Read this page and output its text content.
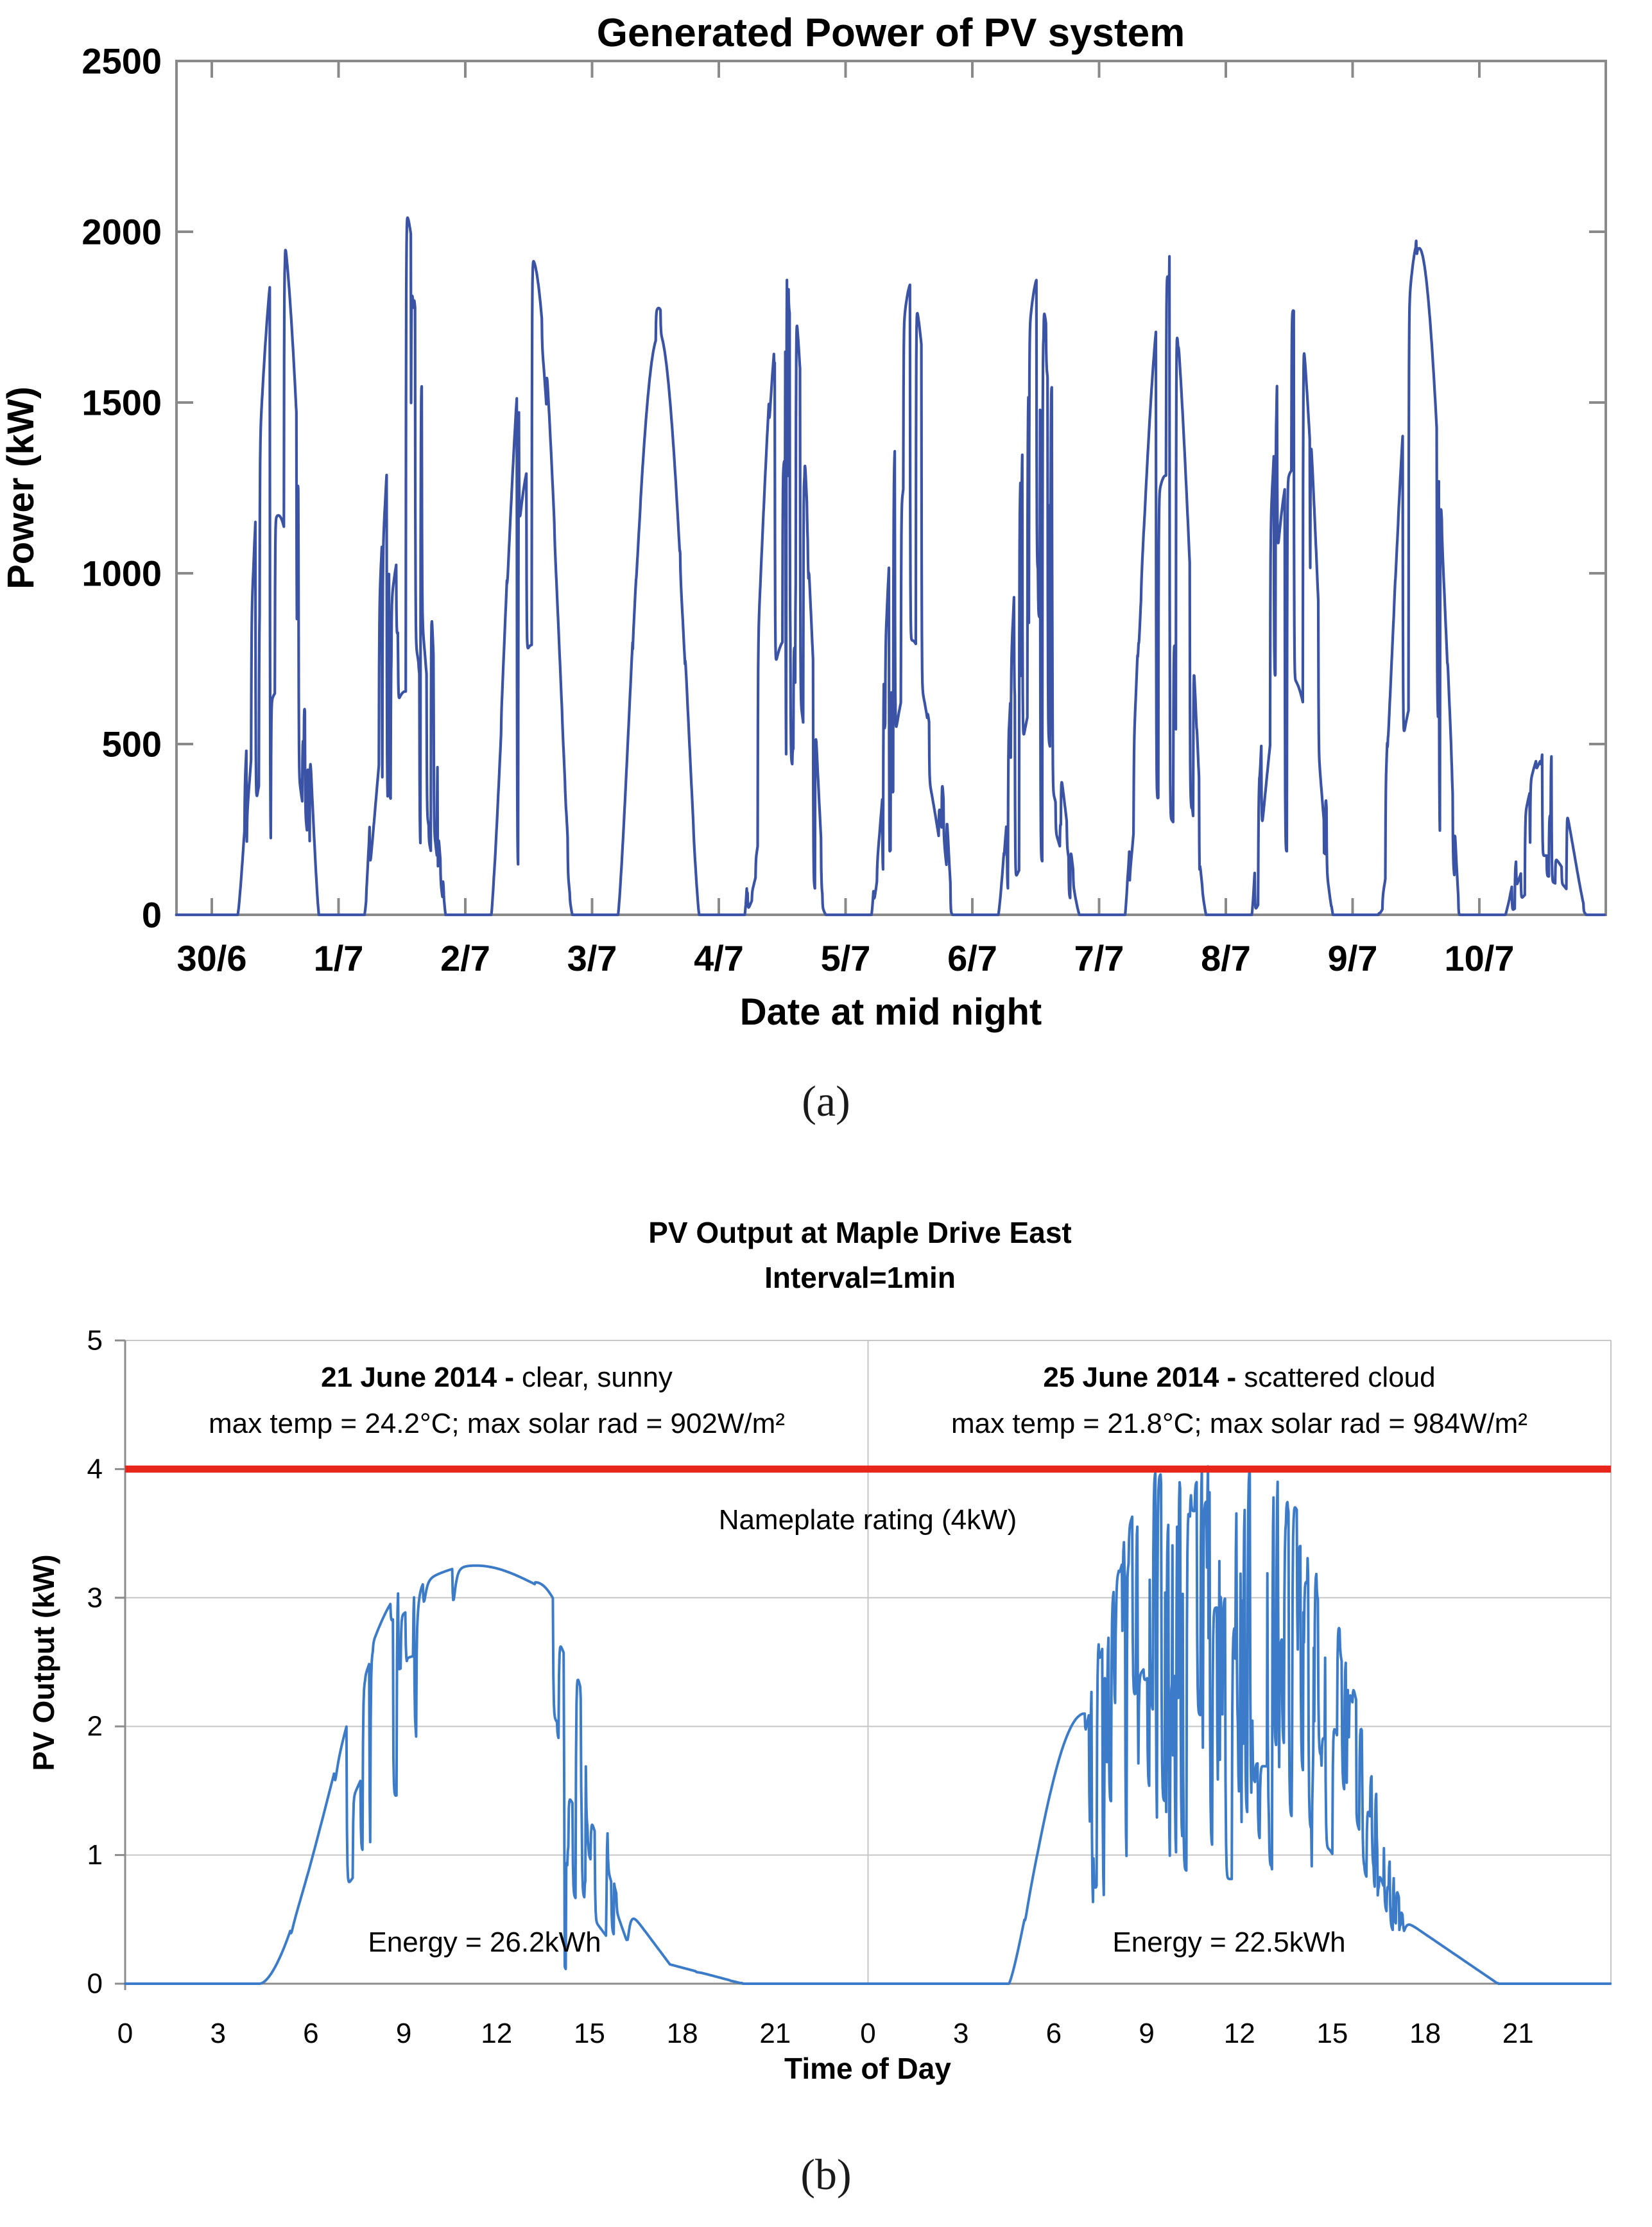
30/6 1/7 2/7 3/7 4/7 5/7 6/7 7/7 8/7 9/7 10/7
0
500
1000
1500
2000
2500
Generated Power of PV system
Date at mid night
Power (kW)
(a)
0
1
2
3
4
5
0	3	6	9 12 15 18 21 0	3	6	9 12 15 18 21
PV Output at Maple Drive East
Interval=1min
21 June 2014 - clear, sunny
max temp = 24.2°C; max solar rad = 902W/m²
25 June 2014 - scattered cloud
max temp = 21.8°C; max solar rad = 984W/m²
Nameplate rating (4kW)
Energy = 26.2kWh	Energy = 22.5kWh
Time of Day
PV Output (kW)
(b)
